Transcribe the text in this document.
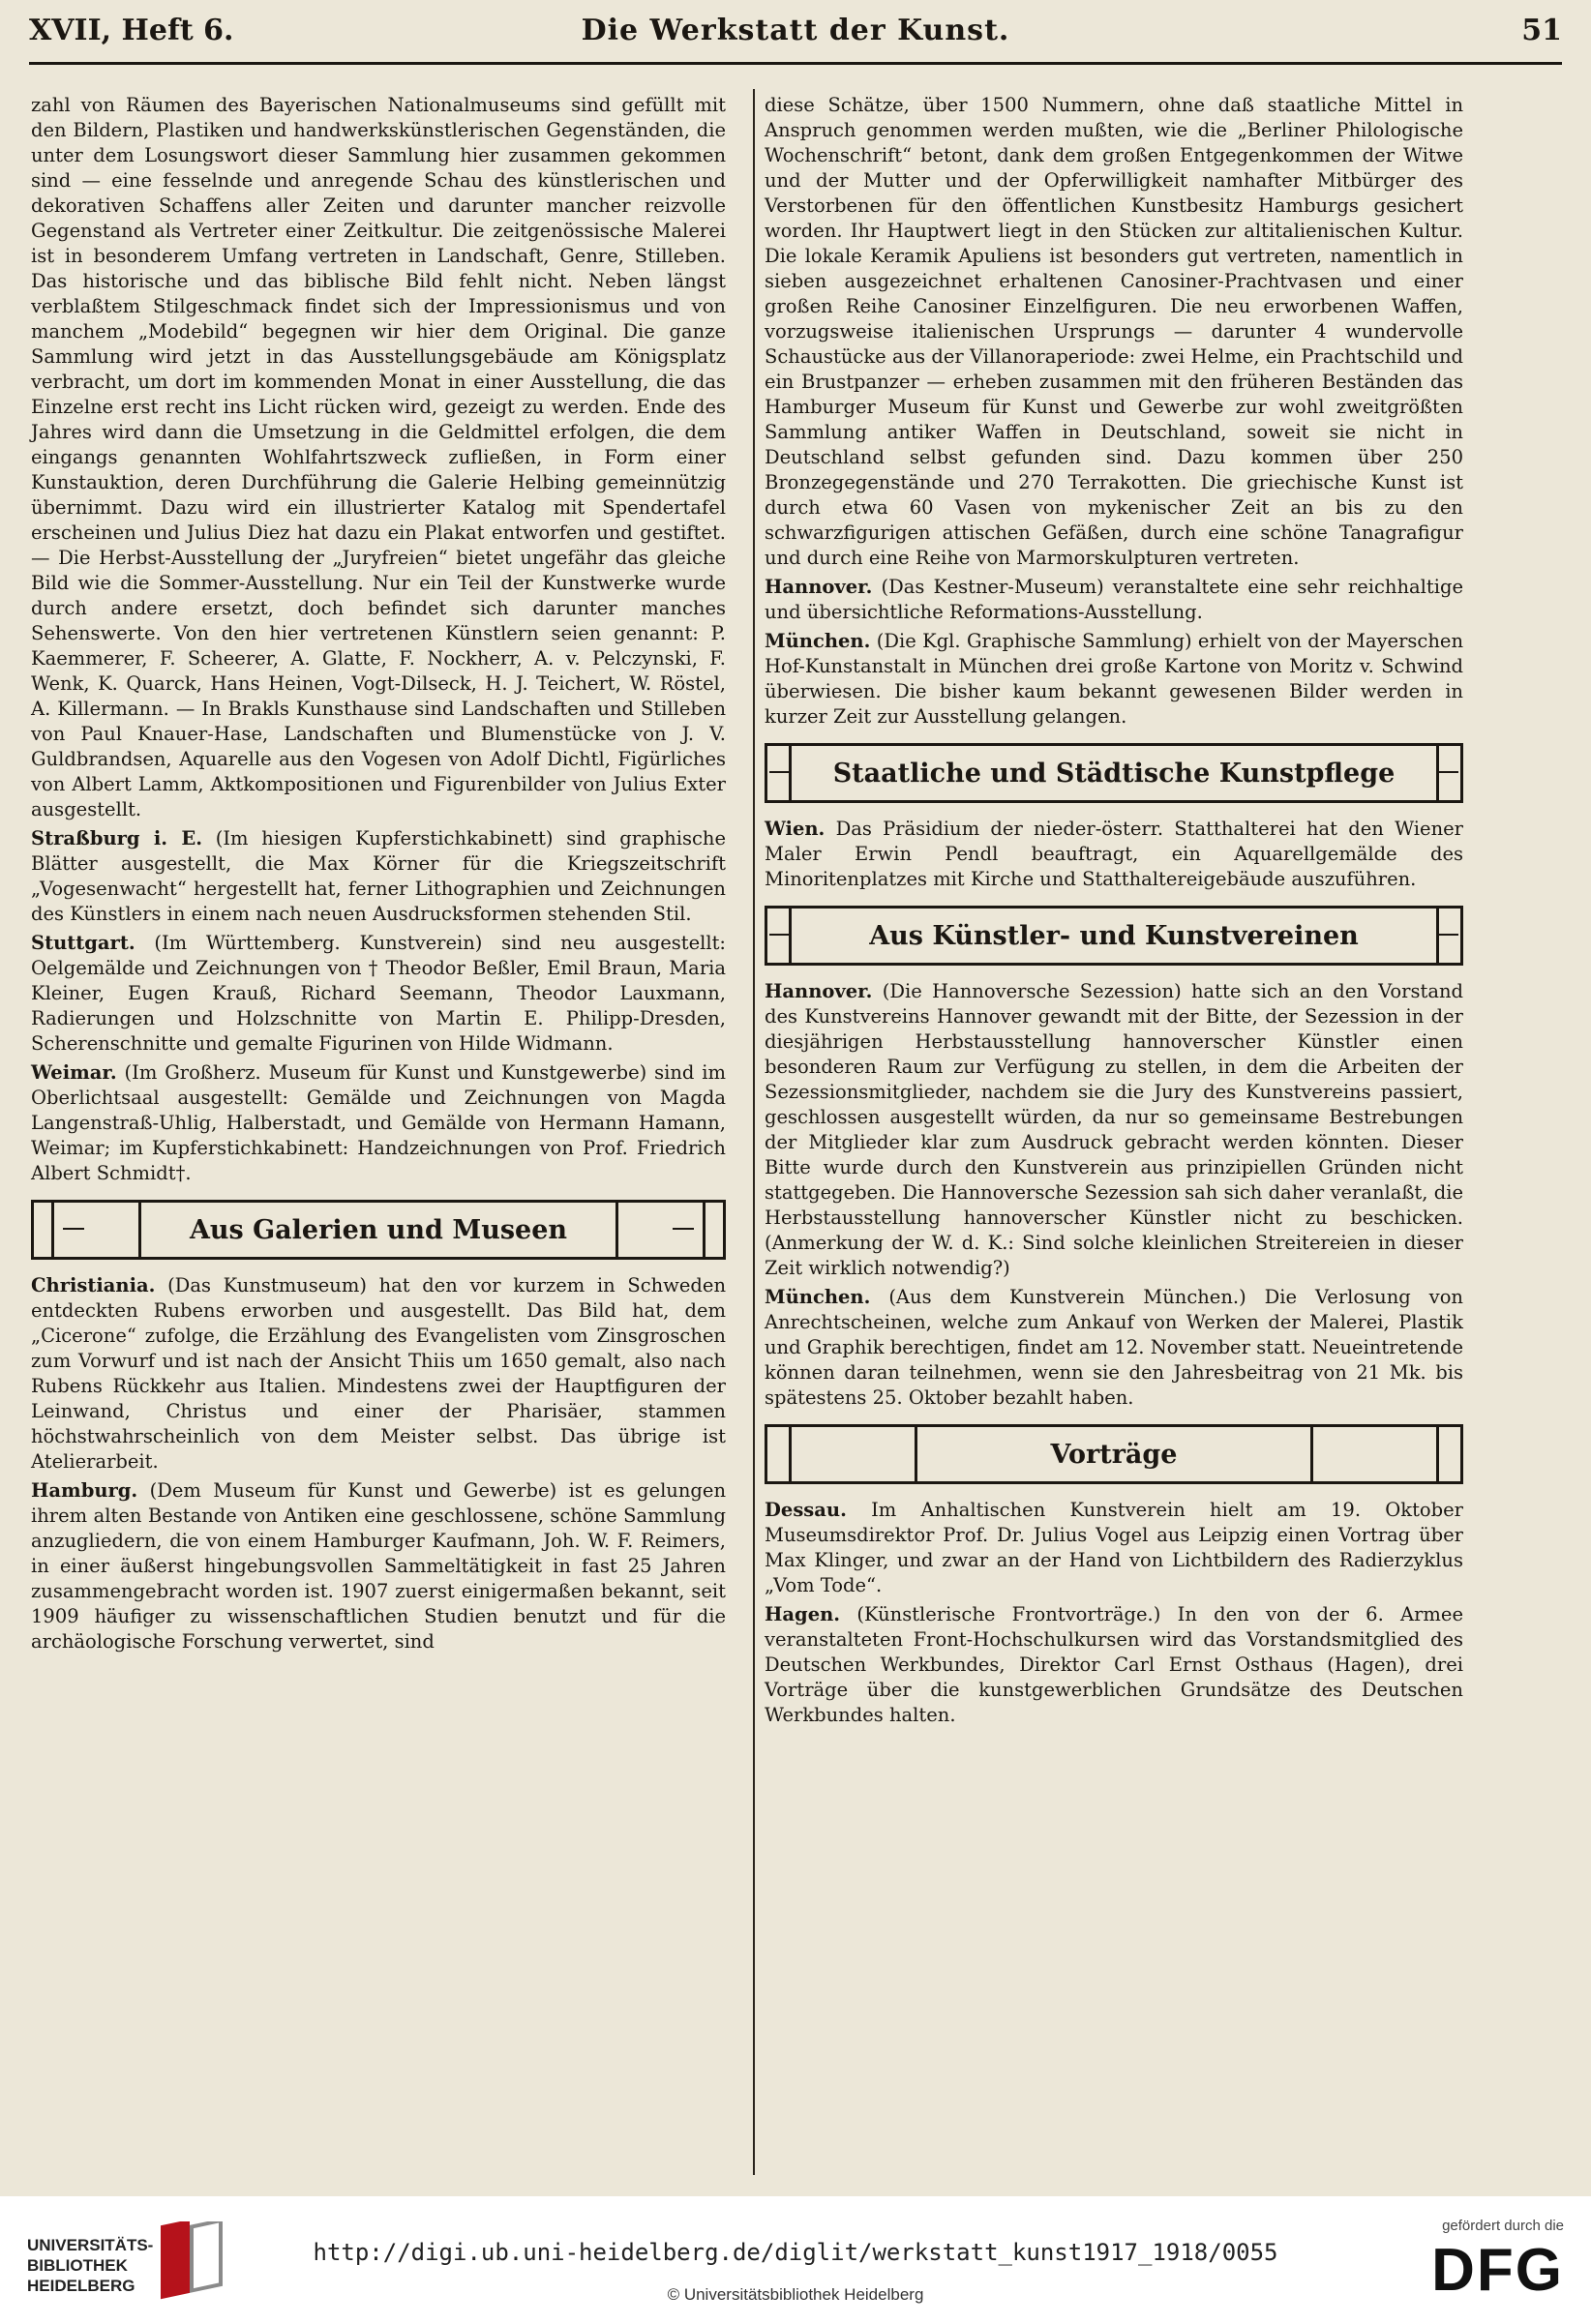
XVII, Heft 6.	Die Werkstatt der Kunst.	51

zahl von Räumen des Bayerischen Nationalmuseums sind gefüllt mit den Bildern, Plastiken und handwerkskünstlerischen Gegenständen, die unter dem Losungswort dieser Sammlung hier zusammen gekommen sind — eine fesselnde und anregende Schau des künstlerischen und dekorativen Schaffens aller Zeiten und darunter mancher reizvolle Gegenstand als Vertreter einer Zeitkultur. Die zeitgenössische Malerei ist in besonderem Umfang vertreten in Landschaft, Genre, Stilleben. Das historische und das biblische Bild fehlt nicht. Neben längst verblaßtem Stilgeschmack findet sich der Impressionismus und von manchem „Modebild“ begegnen wir hier dem Original. Die ganze Sammlung wird jetzt in das Ausstellungsgebäude am Königsplatz verbracht, um dort im kommenden Monat in einer Ausstellung, die das Einzelne erst recht ins Licht rücken wird, gezeigt zu werden. Ende des Jahres wird dann die Umsetzung in die Geldmittel erfolgen, die dem eingangs genannten Wohlfahrtszweck zufließen, in Form einer Kunstauktion, deren Durchführung die Galerie Helbing gemeinnützig übernimmt. Dazu wird ein illustrierter Katalog mit Spendertafel erscheinen und Julius Diez hat dazu ein Plakat entworfen und gestiftet. — Die Herbst-Ausstellung der „Juryfreien“ bietet ungefähr das gleiche Bild wie die Sommer-Ausstellung. Nur ein Teil der Kunstwerke wurde durch andere ersetzt, doch befindet sich darunter manches Sehenswerte. Von den hier vertretenen Künstlern seien genannt: P. Kaemmerer, F. Scheerer, A. Glatte, F. Nockherr, A. v. Pelczynski, F. Wenk, K. Quarck, Hans Heinen, Vogt-Dilseck, H. J. Teichert, W. Röstel, A. Killermann. — In Brakls Kunsthause sind Landschaften und Stilleben von Paul Knauer-Hase, Landschaften und Blumenstücke von J. V. Guldbrandsen, Aquarelle aus den Vogesen von Adolf Dichtl, Figürliches von Albert Lamm, Aktkompositionen und Figurenbilder von Julius Exter ausgestellt.

Straßburg i. E. (Im hiesigen Kupferstichkabinett) sind graphische Blätter ausgestellt, die Max Körner für die Kriegszeitschrift „Vogesenwacht“ hergestellt hat, ferner Lithographien und Zeichnungen des Künstlers in einem nach neuen Ausdrucksformen stehenden Stil.

Stuttgart. (Im Württemberg. Kunstverein) sind neu ausgestellt: Oelgemälde und Zeichnungen von † Theodor Beßler, Emil Braun, Maria Kleiner, Eugen Krauß, Richard Seemann, Theodor Lauxmann, Radierungen und Holzschnitte von Martin E. Philipp-Dresden, Scherenschnitte und gemalte Figurinen von Hilde Widmann.

Weimar. (Im Großherz. Museum für Kunst und Kunstgewerbe) sind im Oberlichtsaal ausgestellt: Gemälde und Zeichnungen von Magda Langenstraß-Uhlig, Halberstadt, und Gemälde von Hermann Hamann, Weimar; im Kupferstichkabinett: Handzeichnungen von Prof. Friedrich Albert Schmidt†.

Aus Galerien und Museen

Christiania. (Das Kunstmuseum) hat den vor kurzem in Schweden entdeckten Rubens erworben und ausgestellt. Das Bild hat, dem „Cicerone“ zufolge, die Erzählung des Evangelisten vom Zinsgroschen zum Vorwurf und ist nach der Ansicht Thiis um 1650 gemalt, also nach Rubens Rückkehr aus Italien. Mindestens zwei der Hauptfiguren der Leinwand, Christus und einer der Pharisäer, stammen höchstwahrscheinlich von dem Meister selbst. Das übrige ist Atelierarbeit.

Hamburg. (Dem Museum für Kunst und Gewerbe) ist es gelungen ihrem alten Bestande von Antiken eine geschlossene, schöne Sammlung anzugliedern, die von einem Hamburger Kaufmann, Joh. W. F. Reimers, in einer äußerst hingebungsvollen Sammeltätigkeit in fast 25 Jahren zusammengebracht worden ist. 1907 zuerst einigermaßen bekannt, seit 1909 häufiger zu wissenschaftlichen Studien benutzt und für die archäologische Forschung verwertet, sind

diese Schätze, über 1500 Nummern, ohne daß staatliche Mittel in Anspruch genommen werden mußten, wie die „Berliner Philologische Wochenschrift“ betont, dank dem großen Entgegenkommen der Witwe und der Mutter und der Opferwilligkeit namhafter Mitbürger des Verstorbenen für den öffentlichen Kunstbesitz Hamburgs gesichert worden. Ihr Hauptwert liegt in den Stücken zur altitalienischen Kultur. Die lokale Keramik Apuliens ist besonders gut vertreten, namentlich in sieben ausgezeichnet erhaltenen Canosiner-Prachtvasen und einer großen Reihe Canosiner Einzelfiguren. Die neu erworbenen Waffen, vorzugsweise italienischen Ursprungs — darunter 4 wundervolle Schaustücke aus der Villanoraperiode: zwei Helme, ein Prachtschild und ein Brustpanzer — erheben zusammen mit den früheren Beständen das Hamburger Museum für Kunst und Gewerbe zur wohl zweitgrößten Sammlung antiker Waffen in Deutschland, soweit sie nicht in Deutschland selbst gefunden sind. Dazu kommen über 250 Bronzegegenstände und 270 Terrakotten. Die griechische Kunst ist durch etwa 60 Vasen von mykenischer Zeit an bis zu den schwarzfigurigen attischen Gefäßen, durch eine schöne Tanagrafigur und durch eine Reihe von Marmorskulpturen vertreten.

Hannover. (Das Kestner-Museum) veranstaltete eine sehr reichhaltige und übersichtliche Reformations-Ausstellung.

München. (Die Kgl. Graphische Sammlung) erhielt von der Mayerschen Hof-Kunstanstalt in München drei große Kartone von Moritz v. Schwind überwiesen. Die bisher kaum bekannt gewesenen Bilder werden in kurzer Zeit zur Ausstellung gelangen.

Staatliche und Städtische Kunstpflege

Wien. Das Präsidium der nieder-österr. Statthalterei hat den Wiener Maler Erwin Pendl beauftragt, ein Aquarellgemälde des Minoritenplatzes mit Kirche und Statthaltereigebäude auszuführen.

Aus Künstler- und Kunstvereinen

Hannover. (Die Hannoversche Sezession) hatte sich an den Vorstand des Kunstvereins Hannover gewandt mit der Bitte, der Sezession in der diesjährigen Herbstausstellung hannoverscher Künstler einen besonderen Raum zur Verfügung zu stellen, in dem die Arbeiten der Sezessionsmitglieder, nachdem sie die Jury des Kunstvereins passiert, geschlossen ausgestellt würden, da nur so gemeinsame Bestrebungen der Mitglieder klar zum Ausdruck gebracht werden könnten. Dieser Bitte wurde durch den Kunstverein aus prinzipiellen Gründen nicht stattgegeben. Die Hannoversche Sezession sah sich daher veranlaßt, die Herbstausstellung hannoverscher Künstler nicht zu beschicken. (Anmerkung der W. d. K.: Sind solche kleinlichen Streitereien in dieser Zeit wirklich notwendig?)

München. (Aus dem Kunstverein München.) Die Verlosung von Anrechtscheinen, welche zum Ankauf von Werken der Malerei, Plastik und Graphik berechtigen, findet am 12. November statt. Neueintretende können daran teilnehmen, wenn sie den Jahresbeitrag von 21 Mk. bis spätestens 25. Oktober bezahlt haben.

Vorträge

Dessau. Im Anhaltischen Kunstverein hielt am 19. Oktober Museumsdirektor Prof. Dr. Julius Vogel aus Leipzig einen Vortrag über Max Klinger, und zwar an der Hand von Lichtbildern des Radierzyklus „Vom Tode“.

Hagen. (Künstlerische Frontvorträge.) In den von der 6. Armee veranstalteten Front-Hochschulkursen wird das Vorstandsmitglied des Deutschen Werkbundes, Direktor Carl Ernst Osthaus (Hagen), drei Vorträge über die kunstgewerblichen Grundsätze des Deutschen Werkbundes halten.

UNIVERSITÄTS-
BIBLIOTHEK
HEIDELBERG
http://digi.ub.uni-heidelberg.de/diglit/werkstatt_kunst1917_1918/0055
© Universitätsbibliothek Heidelberg
gefördert durch die
DFG
